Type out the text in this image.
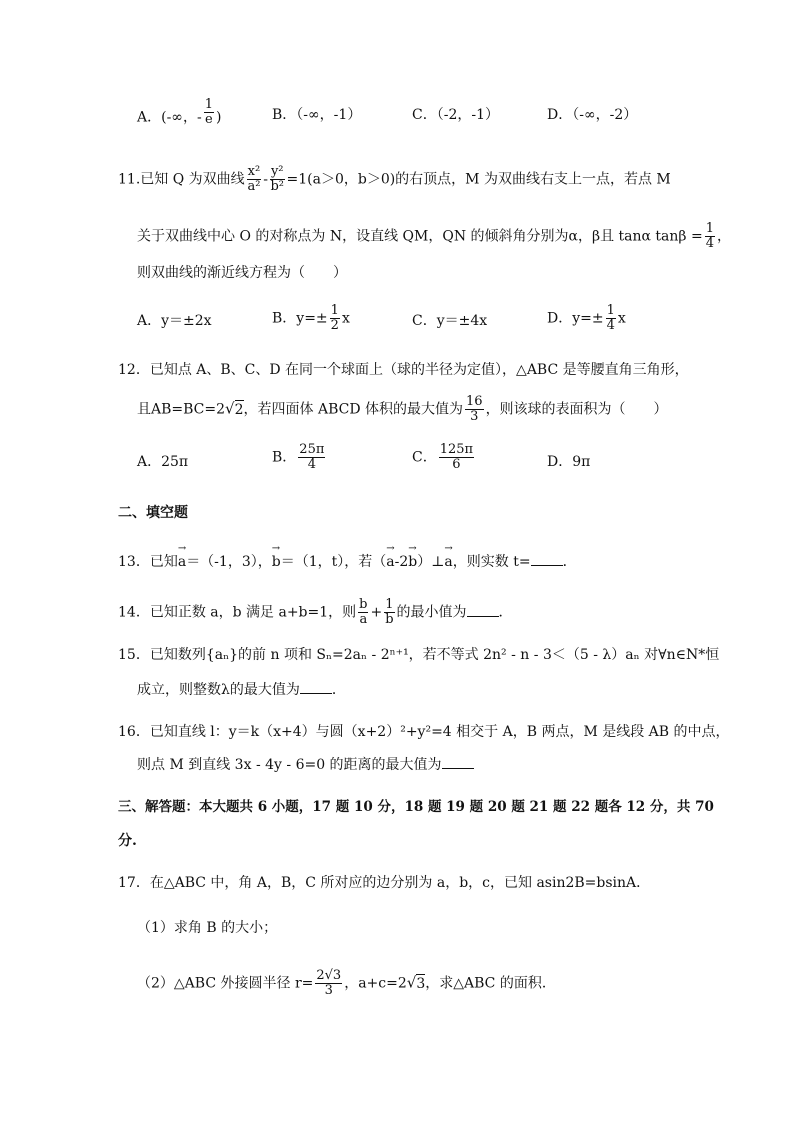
A．(-∞，- $\frac{1}{e}$ )	B．（-∞，-1）	C．（-2，-1）	D．（-∞，-2）
11.已知 Q 为双曲线 $\frac{\text{x²}}{\text{a²}} - \frac{\text{y²}}{\text{b²}} =1(a>0$，b＞0)的右顶点，M 为双曲线右支上一点，若点 M
关于双曲线中心 O 的对称点为 N，设直线 QM，QN 的倾斜角分别为α，β且 tanα $\tan\beta = \frac{1}{4}$ ，
则双曲线的渐近线方程为（　　）
A．y＝±2x	B．$y=\pm \frac{1}{2}$ x	C．y＝±4x	D．$y=\pm \frac{1}{4}$ x
12．已知点 A、B、C、D 在同一个球面上（球的半径为定值），△ABC 是等腰直角三角形，
且AB=BC=2√2，若四面体 ABCD 体积的最大值为 $\frac{16}{3}$ ，则该球的表面积为（　　）
A．25π	B． $\frac{25\pi}{4}$	C． $\frac{125\pi}{6}$	D．9π
二、填空题
13．已知→ a＝（-1，3），→ b＝（1，t），若（→ a-2→ b）⊥→ a，则实数 t= ．
14．已知正数 a，b 满足 a+b=1，则 $\frac{b}{a} + \frac{1}{b}$ 的最小值为 ．
15．已知数列{aₙ}的前 n 项和 Sₙ=2aₙ - 2ⁿ⁺¹，若不等式 2n² - n - 3＜（5 - λ）aₙ 对∀n∈N*恒
成立，则整数λ的最大值为 ．
16．已知直线 l：y＝k（x+4）与圆（x+2）²+y²=4 相交于 A，B 两点，M 是线段 AB 的中点，
则点 M 到直线 3x - 4y - 6=0 的距离的最大值为
三、解答题：本大题共 6 小题，17 题 10 分，18 题 19 题 20 题 21 题 22 题各 12 分，共 70
分.
17．在△ABC 中，角 A，B，C 所对应的边分别为 a，b，c，已知 asin2B=bsinA．
（1）求角 B 的大小；
（2）△ABC 外接圆半径 $r= \frac{2√3}{3}$ ，a+c=2√3，求△ABC 的面积．
